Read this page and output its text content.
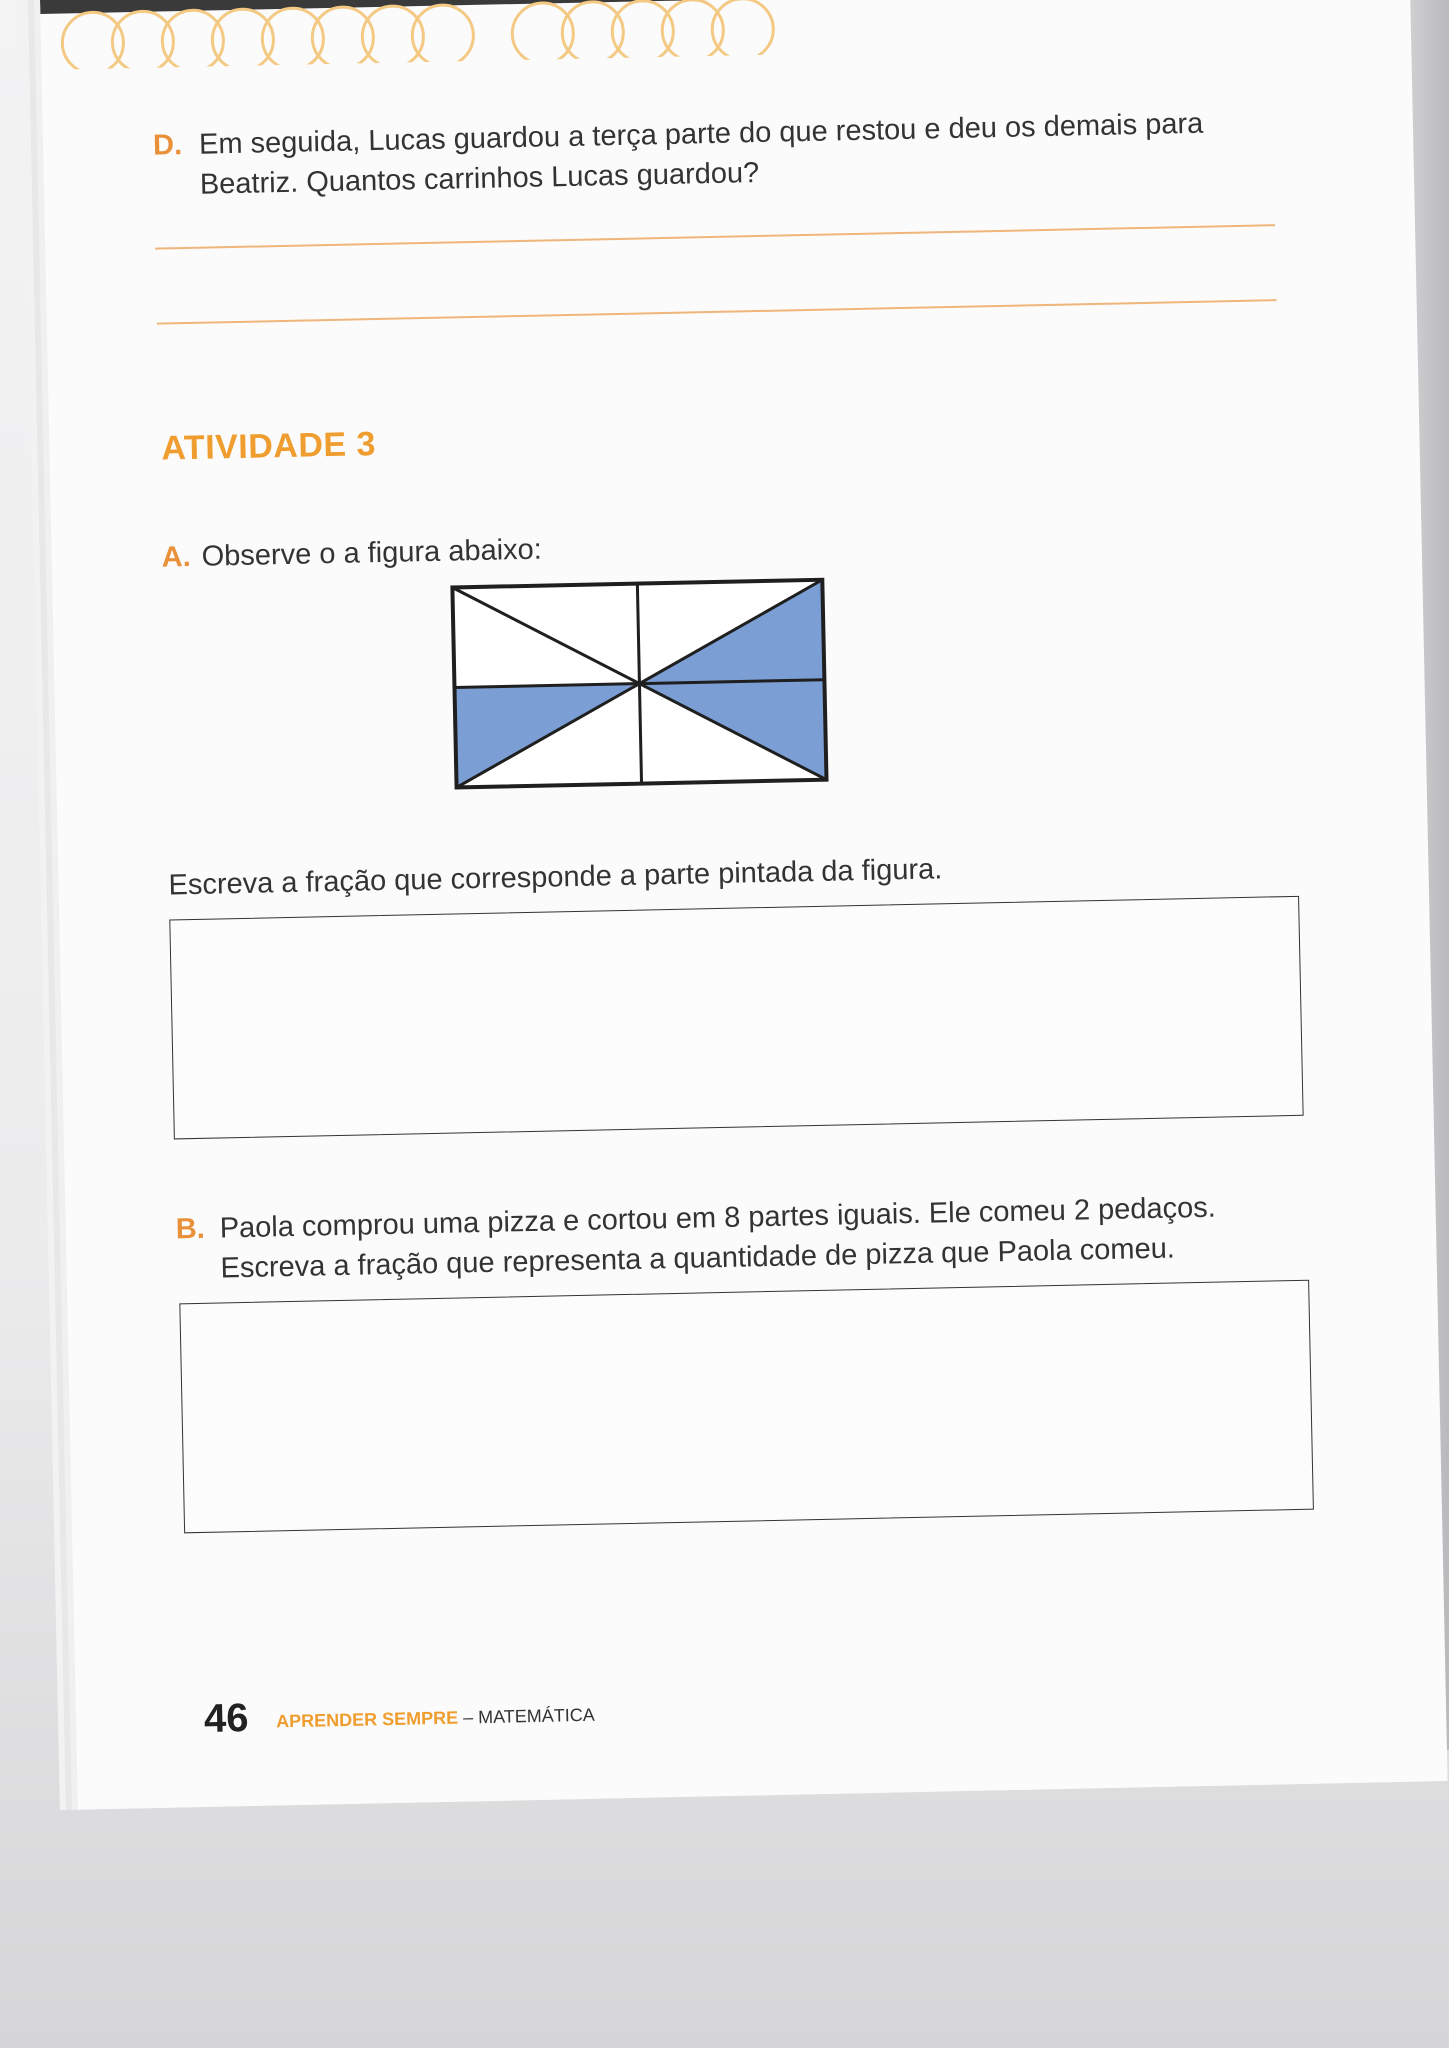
D. Em seguida, Lucas guardou a terça parte do que restou e deu os demais para
Beatriz. Quantos carrinhos Lucas guardou?
ATIVIDADE 3
A. Observe o a figura abaixo:
Escreva a fração que corresponde a parte pintada da figura.
B. Paola comprou uma pizza e cortou em 8 partes iguais. Ele comeu 2 pedaços.
Escreva a fração que representa a quantidade de pizza que Paola comeu.
46 APRENDER SEMPRE – MATEMÁTICA
